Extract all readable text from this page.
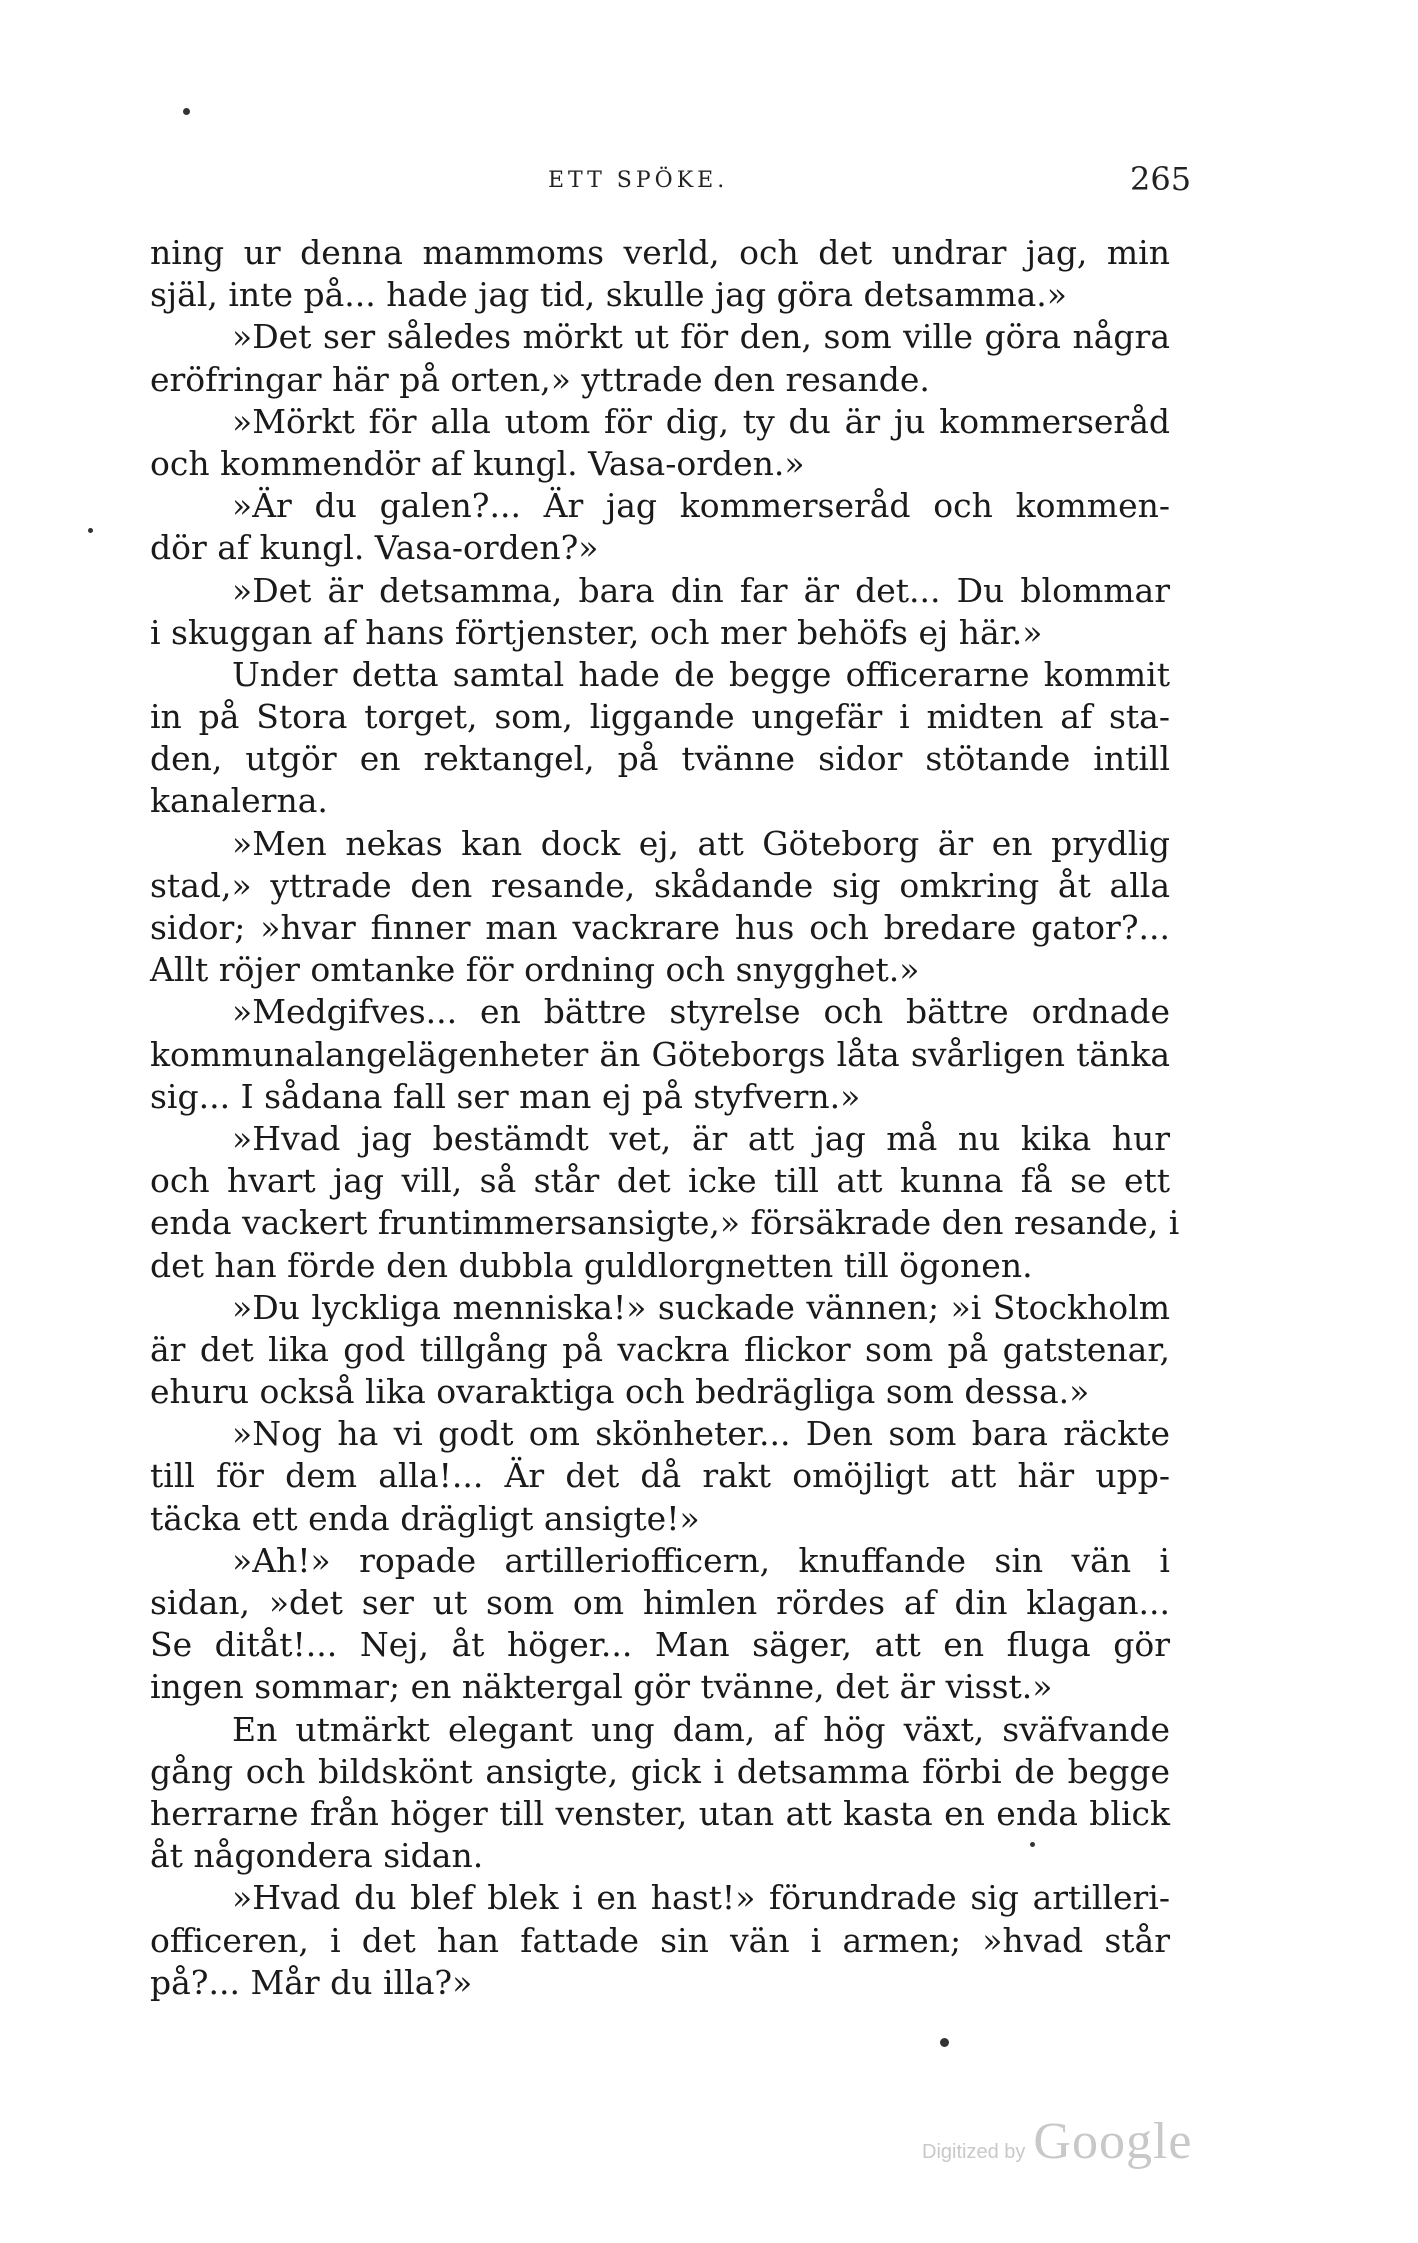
ETT SPÖKE.	265
ning ur denna mammoms verld, och det undrar jag, min
själ, inte på... hade jag tid, skulle jag göra detsamma.»
»Det ser således mörkt ut för den, som ville göra några
eröfringar här på orten,» yttrade den resande.
»Mörkt för alla utom för dig, ty du är ju kommerseråd
och kommendör af kungl. Vasa-orden.»
»Är du galen?... Är jag kommerseråd och kommen-
dör af kungl. Vasa-orden?»
»Det är detsamma, bara din far är det... Du blommar
i skuggan af hans förtjenster, och mer behöfs ej här.»
Under detta samtal hade de begge officerarne kommit
in på Stora torget, som, liggande ungefär i midten af sta-
den, utgör en rektangel, på tvänne sidor stötande intill
kanalerna.
»Men nekas kan dock ej, att Göteborg är en prydlig
stad,» yttrade den resande, skådande sig omkring åt alla
sidor; »hvar finner man vackrare hus och bredare gator?...
Allt röjer omtanke för ordning och snygghet.»
»Medgifves... en bättre styrelse och bättre ordnade
kommunalangelägenheter än Göteborgs låta svårligen tänka
sig... I sådana fall ser man ej på styfvern.»
»Hvad jag bestämdt vet, är att jag må nu kika hur
och hvart jag vill, så står det icke till att kunna få se ett
enda vackert fruntimmersansigte,» försäkrade den resande, i
det han förde den dubbla guldlorgnetten till ögonen.
»Du lyckliga menniska!» suckade vännen; »i Stockholm
är det lika god tillgång på vackra flickor som på gatstenar,
ehuru också lika ovaraktiga och bedrägliga som dessa.»
»Nog ha vi godt om skönheter... Den som bara räckte
till för dem alla!... Är det då rakt omöjligt att här upp-
täcka ett enda drägligt ansigte!»
»Ah!» ropade artilleriofficern, knuffande sin vän i
sidan, »det ser ut som om himlen rördes af din klagan...
Se ditåt!... Nej, åt höger... Man säger, att en fluga gör
ingen sommar; en näktergal gör tvänne, det är visst.»
En utmärkt elegant ung dam, af hög växt, sväfvande
gång och bildskönt ansigte, gick i detsamma förbi de begge
herrarne från höger till venster, utan att kasta en enda blick
åt någondera sidan.
»Hvad du blef blek i en hast!» förundrade sig artilleri-
officeren, i det han fattade sin vän i armen; »hvad står
på?... Mår du illa?»
Digitized by Google
